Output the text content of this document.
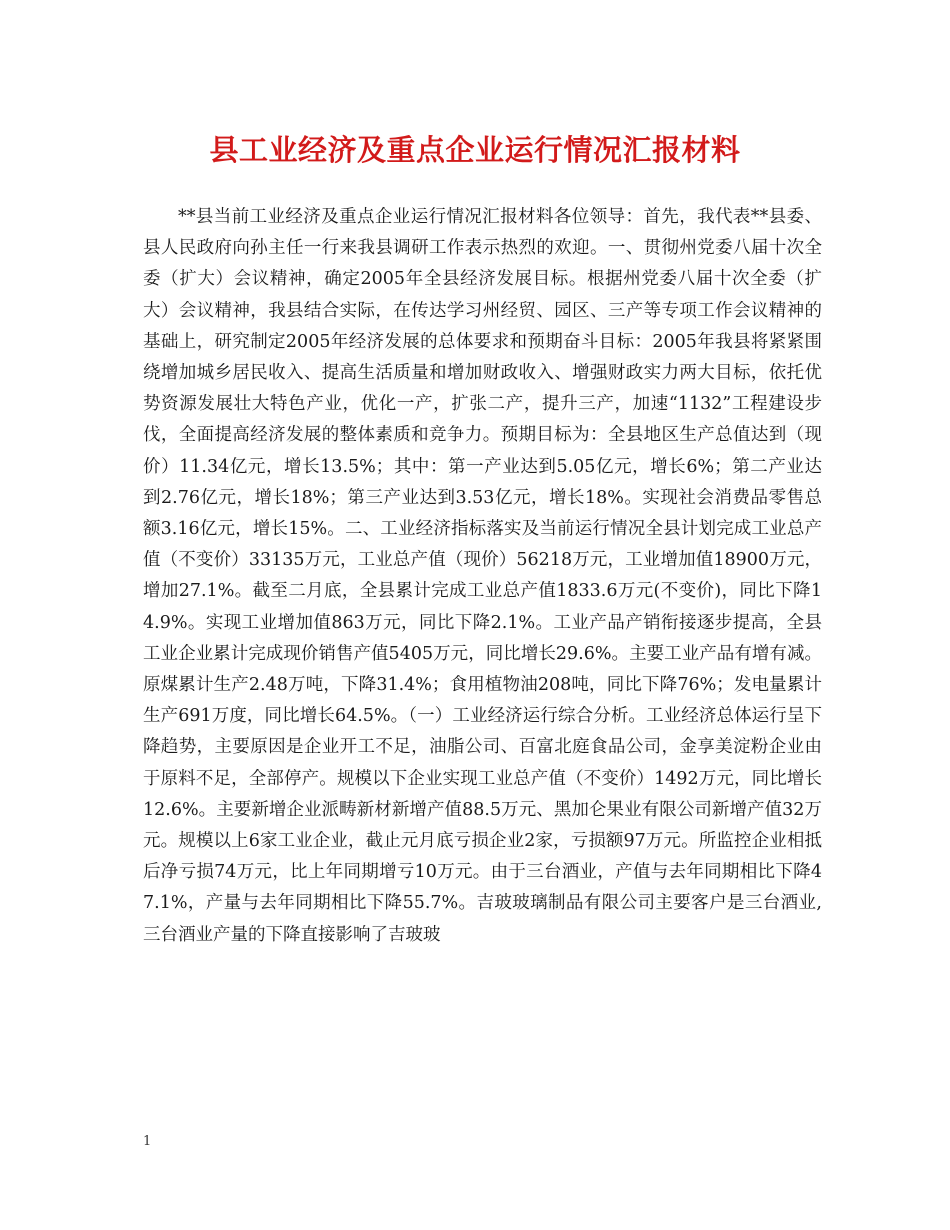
县工业经济及重点企业运行情况汇报材料

**县当前工业经济及重点企业运行情况汇报材料各位领导：首先，我代表**县委、县人民政府向孙主任一行来我县调研工作表示热烈的欢迎。一、贯彻州党委八届十次全委（扩大）会议精神，确定2005年全县经济发展目标。根据州党委八届十次全委（扩大）会议精神，我县结合实际，在传达学习州经贸、园区、三产等专项工作会议精神的基础上，研究制定2005年经济发展的总体要求和预期奋斗目标：2005年我县将紧紧围绕增加城乡居民收入、提高生活质量和增加财政收入、增强财政实力两大目标，依托优势资源发展壮大特色产业，优化一产，扩张二产，提升三产，加速“1132”工程建设步伐，全面提高经济发展的整体素质和竞争力。预期目标为：全县地区生产总值达到（现价）11.34亿元，增长13.5%；其中：第一产业达到5.05亿元，增长6%；第二产业达到2.76亿元，增长18%；第三产业达到3.53亿元，增长18%。实现社会消费品零售总额3.16亿元，增长15%。二、工业经济指标落实及当前运行情况全县计划完成工业总产值（不变价）33135万元，工业总产值（现价）56218万元，工业增加值18900万元，增加27.1%。截至二月底，全县累计完成工业总产值1833.6万元(不变价)，同比下降14.9%。实现工业增加值863万元，同比下降2.1%。工业产品产销衔接逐步提高，全县工业企业累计完成现价销售产值5405万元，同比增长29.6%。主要工业产品有增有减。原煤累计生产2.48万吨，下降31.4%；食用植物油208吨，同比下降76%；发电量累计生产691万度，同比增长64.5%。（一）工业经济运行综合分析。工业经济总体运行呈下降趋势，主要原因是企业开工不足，油脂公司、百富北庭食品公司，金享美淀粉企业由于原料不足，全部停产。规模以下企业实现工业总产值（不变价）1492万元，同比增长12.6%。主要新增企业派畴新材新增产值88.5万元、黑加仑果业有限公司新增产值32万元。规模以上6家工业企业，截止元月底亏损企业2家，亏损额97万元。所监控企业相抵后净亏损74万元，比上年同期增亏10万元。由于三台酒业，产值与去年同期相比下降47.1%，产量与去年同期相比下降55.7%。吉玻玻璃制品有限公司主要客户是三台酒业,三台酒业产量的下降直接影响了吉玻玻

1
